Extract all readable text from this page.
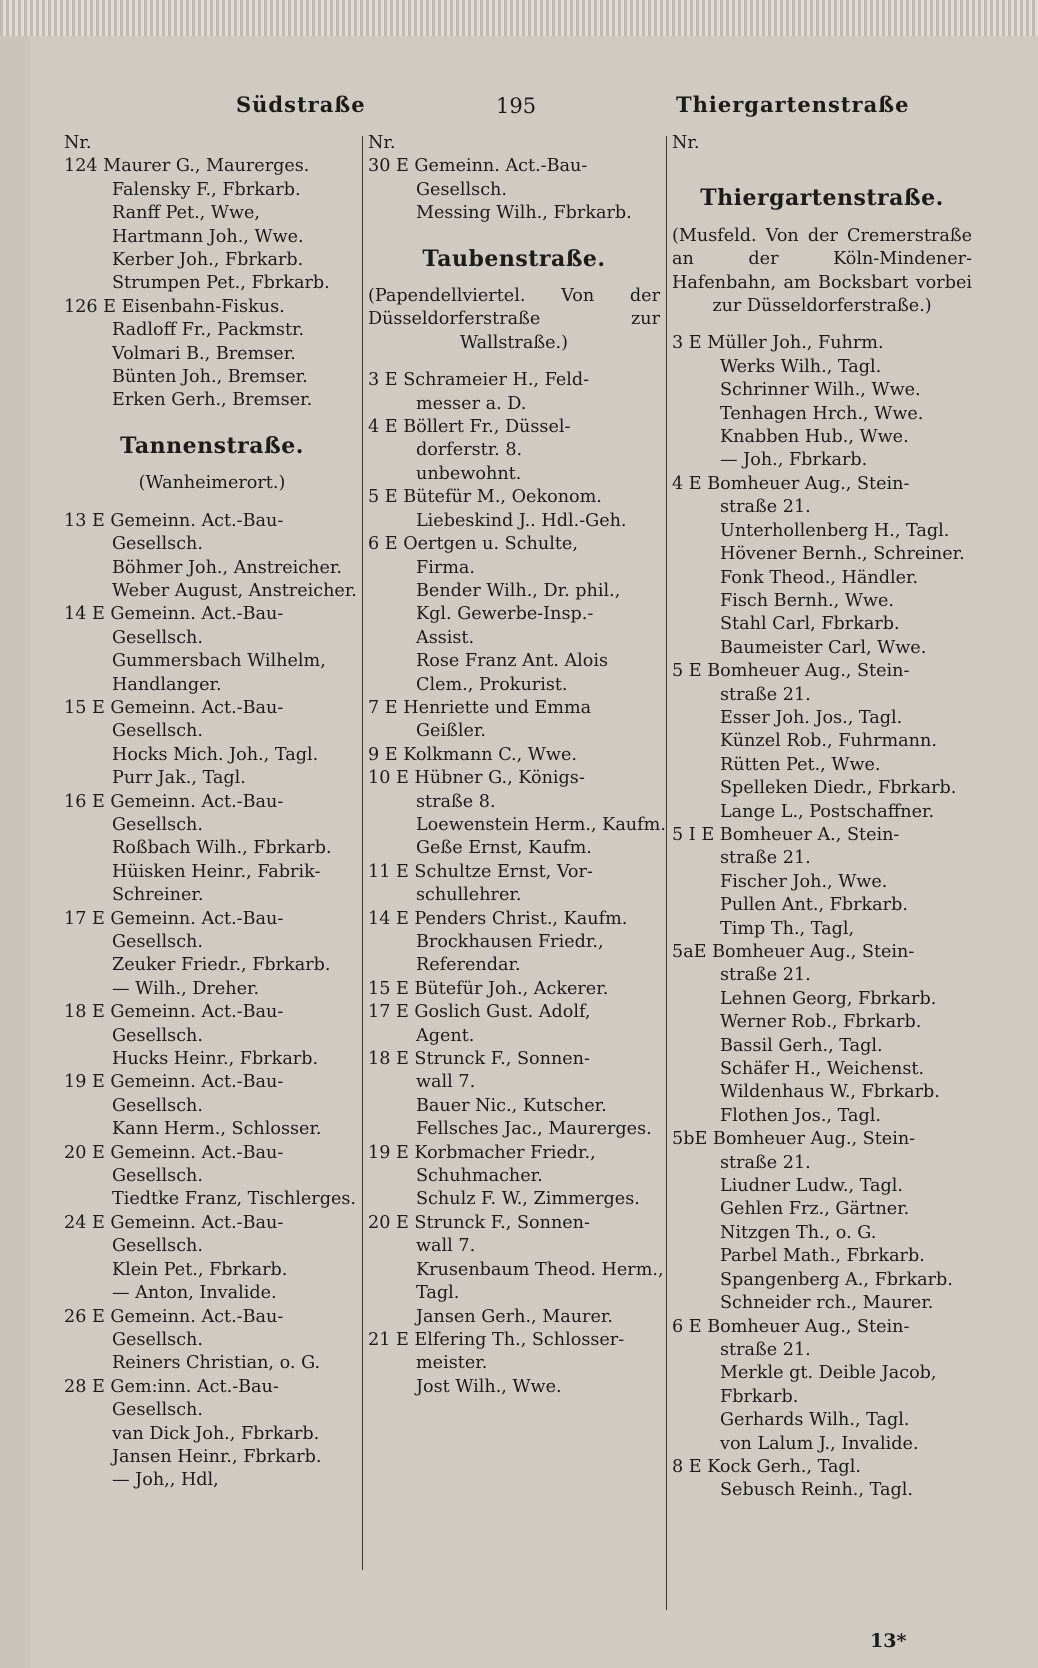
Südstraße	195	Thiergartenstraße
Nr.
124 Maurer G., Maurerges.
Falensky F., Fbrkarb.
Ranff Pet., Wwe,
Hartmann Joh., Wwe.
Kerber Joh., Fbrkarb.
Strumpen Pet., Fbrkarb.
126 E Eisenbahn-Fiskus.
Radloff Fr., Packmstr.
Volmari B., Bremser.
Bünten Joh., Bremser.
Erken Gerh., Bremser.
Tannenstraße.
(Wanheimerort.)
13 E Gemeinn. Act.-Bau-
Gesellsch.
Böhmer Joh., Anstreicher.
Weber August, Anstreicher.
14 E Gemeinn. Act.-Bau-
Gesellsch.
Gummersbach Wilhelm,
Handlanger.
15 E Gemeinn. Act.-Bau-
Gesellsch.
Hocks Mich. Joh., Tagl.
Purr Jak., Tagl.
16 E Gemeinn. Act.-Bau-
Gesellsch.
Roßbach Wilh., Fbrkarb.
Hüisken Heinr., Fabrik-
Schreiner.
17 E Gemeinn. Act.-Bau-
Gesellsch.
Zeuker Friedr., Fbrkarb.
— Wilh., Dreher.
18 E Gemeinn. Act.-Bau-
Gesellsch.
Hucks Heinr., Fbrkarb.
19 E Gemeinn. Act.-Bau-
Gesellsch.
Kann Herm., Schlosser.
20 E Gemeinn. Act.-Bau-
Gesellsch.
Tiedtke Franz, Tischlerges.
24 E Gemeinn. Act.-Bau-
Gesellsch.
Klein Pet., Fbrkarb.
— Anton, Invalide.
26 E Gemeinn. Act.-Bau-
Gesellsch.
Reiners Christian, o. G.
28 E Gem:inn. Act.-Bau-
Gesellsch.
van Dick Joh., Fbrkarb.
Jansen Heinr., Fbrkarb.
— Joh,, Hdl,
Nr.
30 E Gemeinn. Act.-Bau-
Gesellsch.
Messing Wilh., Fbrkarb.
Taubenstraße.
(Papendellviertel. Von der Düsseldorferstraße zur Wallstraße.)
3 E Schrameier H., Feld-
messer a. D.
4 E Böllert Fr., Düssel-
dorferstr. 8.
unbewohnt.
5 E Bütefür M., Oekonom.
Liebeskind J.. Hdl.-Geh.
6 E Oertgen u. Schulte,
Firma.
Bender Wilh., Dr. phil.,
Kgl. Gewerbe-Insp.-
Assist.
Rose Franz Ant. Alois
Clem., Prokurist.
7 E Henriette und Emma
Geißler.
9 E Kolkmann C., Wwe.
10 E Hübner G., Königs-
straße 8.
Loewenstein Herm., Kaufm.
Geße Ernst, Kaufm.
11 E Schultze Ernst, Vor-
schullehrer.
14 E Penders Christ., Kaufm.
Brockhausen Friedr.,
Referendar.
15 E Bütefür Joh., Ackerer.
17 E Goslich Gust. Adolf,
Agent.
18 E Strunck F., Sonnen-
wall 7.
Bauer Nic., Kutscher.
Fellsches Jac., Maurerges.
19 E Korbmacher Friedr.,
Schuhmacher.
Schulz F. W., Zimmerges.
20 E Strunck F., Sonnen-
wall 7.
Krusenbaum Theod. Herm.,
Tagl.
Jansen Gerh., Maurer.
21 E Elfering Th., Schlosser-
meister.
Jost Wilh., Wwe.
Nr.
Thiergartenstraße.
(Musfeld. Von der Cremerstraße an der Köln-Mindener-Hafenbahn, am Bocksbart vorbei zur Düsseldorferstraße.)
3 E Müller Joh., Fuhrm.
Werks Wilh., Tagl.
Schrinner Wilh., Wwe.
Tenhagen Hrch., Wwe.
Knabben Hub., Wwe.
— Joh., Fbrkarb.
4 E Bomheuer Aug., Stein-
straße 21.
Unterhollenberg H., Tagl.
Hövener Bernh., Schreiner.
Fonk Theod., Händler.
Fisch Bernh., Wwe.
Stahl Carl, Fbrkarb.
Baumeister Carl, Wwe.
5 E Bomheuer Aug., Stein-
straße 21.
Esser Joh. Jos., Tagl.
Künzel Rob., Fuhrmann.
Rütten Pet., Wwe.
Spelleken Diedr., Fbrkarb.
Lange L., Postschaffner.
5 I E Bomheuer A., Stein-
straße 21.
Fischer Joh., Wwe.
Pullen Ant., Fbrkarb.
Timp Th., Tagl,
5aE Bomheuer Aug., Stein-
straße 21.
Lehnen Georg, Fbrkarb.
Werner Rob., Fbrkarb.
Bassil Gerh., Tagl.
Schäfer H., Weichenst.
Wildenhaus W., Fbrkarb.
Flothen Jos., Tagl.
5bE Bomheuer Aug., Stein-
straße 21.
Liudner Ludw., Tagl.
Gehlen Frz., Gärtner.
Nitzgen Th., o. G.
Parbel Math., Fbrkarb.
Spangenberg A., Fbrkarb.
Schneider rch., Maurer.
6 E Bomheuer Aug., Stein-
straße 21.
Merkle gt. Deible Jacob,
Fbrkarb.
Gerhards Wilh., Tagl.
von Lalum J., Invalide.
8 E Kock Gerh., Tagl.
Sebusch Reinh., Tagl.
13*
